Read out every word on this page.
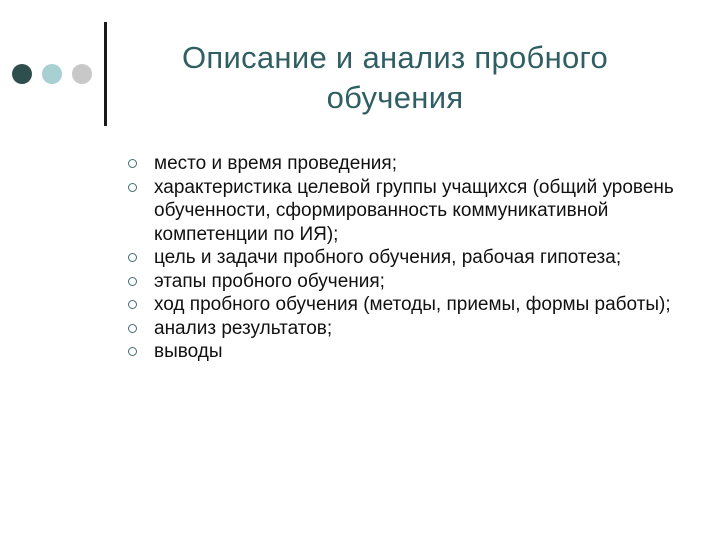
Описание и анализ пробного
обучения
место и время проведения;
характеристика целевой группы учащихся (общий уровень обученности, сформированность коммуникативной компетенции по ИЯ);
цель и задачи пробного обучения, рабочая гипотеза;
этапы пробного обучения;
ход пробного обучения (методы, приемы, формы работы);
анализ результатов;
выводы
